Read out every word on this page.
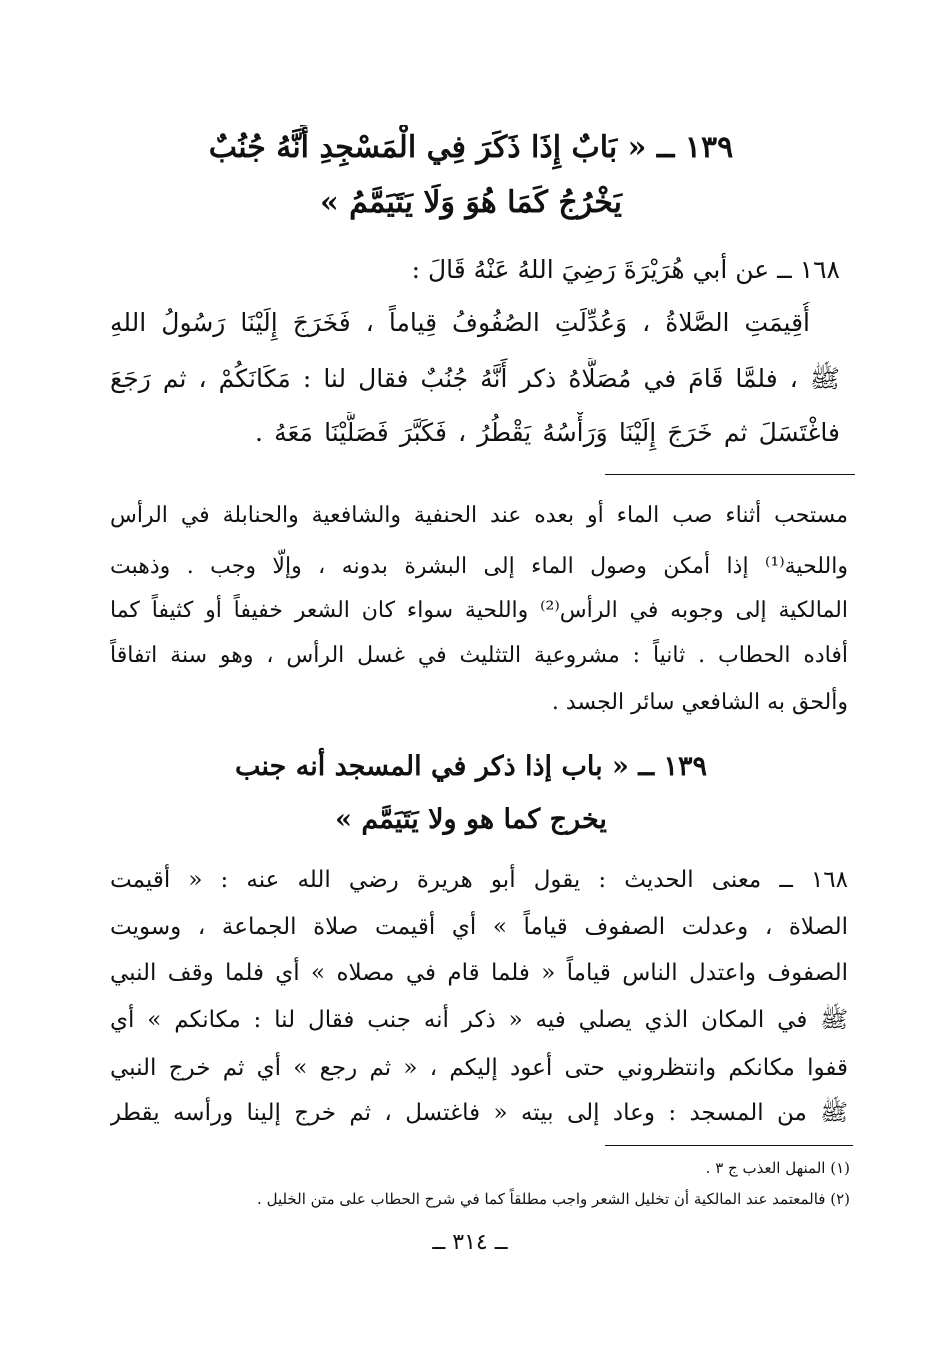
١٣٩ ــ « بَابٌ إِذَا ذَكَرَ فِي الْمَسْجِدِ أَنَّهُ جُنُبٌ
يَخْرُجُ كَمَا هُوَ وَلَا يَتَيَمَّمُ »
١٦٨ ــ عن أبي هُرَيْرَةَ رَضِيَ اللهُ عَنْهُ قَالَ :
أُقِيمَتِ الصَّلاةُ ، وَعُدِّلَتِ الصُفُوفُ قِياماً ، فَخَرَجَ إِلَيْنَا رَسُولُ اللهِ
ﷺ ، فلمَّا قَامَ في مُصَلَّاهُ ذكر أَنَّهُ جُنُبٌ فقال لنا : مَكَانَكُمْ ، ثم رَجَعَ
فاغْتَسَلَ ثم خَرَجَ إِلَيْنَا وَرَأْسُهُ يَقْطُرُ ، فَكَبَّرَ فَصَلَّيْنَا مَعَهُ .
مستحب أثناء صب الماء أو بعده عند الحنفية والشافعية والحنابلة في الرأس
واللحية⁽¹⁾ إذا أمكن وصول الماء إلى البشرة بدونه ، وإلّا وجب . وذهبت
المالكية إلى وجوبه في الرأس⁽²⁾ واللحية سواء كان الشعر خفيفاً أو كثيفاً كما
أفاده الحطاب . ثانياً : مشروعية التثليث في غسل الرأس ، وهو سنة اتفاقاً
وألحق به الشافعي سائر الجسد .
١٣٩ ــ « باب إذا ذكر في المسجد أنه جنب
يخرج كما هو ولا يَتَيَمَّم »
١٦٨ ــ معنى الحديث : يقول أبو هريرة رضي الله عنه : « أقيمت
الصلاة ، وعدلت الصفوف قياماً » أي أقيمت صلاة الجماعة ، وسويت
الصفوف واعتدل الناس قياماً « فلما قام في مصلاه » أي فلما وقف النبي
ﷺ في المكان الذي يصلي فيه « ذكر أنه جنب فقال لنا : مكانكم » أي
قفوا مكانكم وانتظروني حتى أعود إليكم ، « ثم رجع » أي ثم خرج النبي
ﷺ من المسجد : وعاد إلى بيته « فاغتسل ، ثم خرج إلينا ورأسه يقطر
(١) المنهل العذب ج ٣ .
(٢) فالمعتمد عند المالكية أن تخليل الشعر واجب مطلقاً كما في شرح الحطاب على متن الخليل .
ــ ٣١٤ ــ
